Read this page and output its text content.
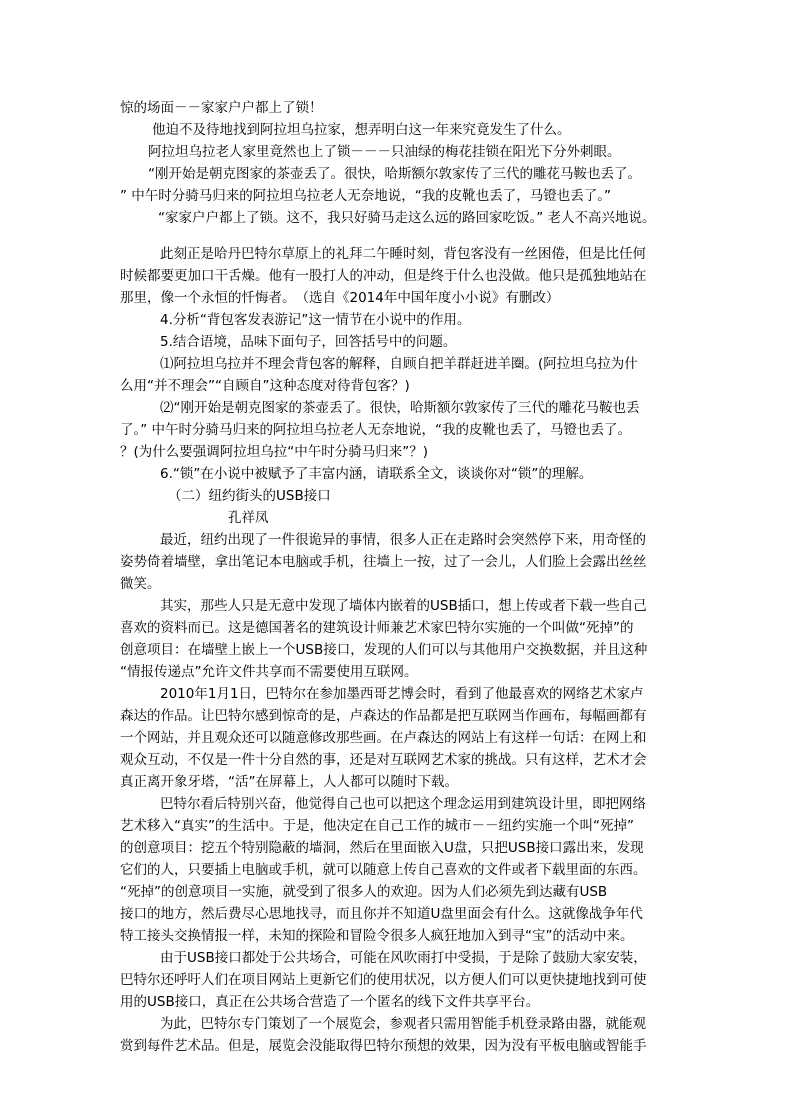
惊的场面－－家家户户都上了锁！
他迫不及待地找到阿拉坦乌拉家，想弄明白这一年来究竟发生了什么。
阿拉坦乌拉老人家里竟然也上了锁－－－只油绿的梅花挂锁在阳光下分外刺眼。
“刚开始是朝克图家的茶壶丢了。很快，哈斯额尔敦家传了三代的雕花马鞍也丢了。
” 中午时分骑马归来的阿拉坦乌拉老人无奈地说，“我的皮靴也丢了，马镫也丢了。”
“家家户户都上了锁。这不，我只好骑马走这么远的路回家吃饭。” 老人不高兴地说。
此刻正是哈丹巴特尔草原上的礼拜二午睡时刻，背包客没有一丝困倦，但是比任何
时候都要更加口干舌燥。他有一股打人的冲动，但是终于什么也没做。他只是孤独地站在
那里，像一个永恒的忏悔者。　（选自《2014年中国年度小小说》有删改）
4.分析“背包客发表游记”这一情节在小说中的作用。
5.结合语境，品味下面句子，回答括号中的问题。
⑴阿拉坦乌拉并不理会背包客的解释，自顾自把羊群赶进羊圈。(阿拉坦乌拉为什
么用“并不理会”“自顾自”这种态度对待背包客？)
⑵“刚开始是朝克图家的茶壶丢了。很快，哈斯额尔敦家传了三代的雕花马鞍也丢
了。” 中午时分骑马归来的阿拉坦乌拉老人无奈地说，“我的皮靴也丢了，马镫也丢了。
？(为什么要强调阿拉坦乌拉“中午时分骑马归来”？)
6.“锁”在小说中被赋予了丰富内涵，请联系全文，谈谈你对“锁”的理解。
（二）纽约街头的USB接口
孔祥凤
最近，纽约出现了一件很诡异的事情，很多人正在走路时会突然停下来，用奇怪的
姿势倚着墙壁，拿出笔记本电脑或手机，往墙上一按，过了一会儿，人们脸上会露出丝丝
微笑。
其实，那些人只是无意中发现了墙体内嵌着的USB插口，想上传或者下载一些自己
喜欢的资料而已。这是德国著名的建筑设计师兼艺术家巴特尔实施的一个叫做“死掉”的
创意项目：在墙壁上嵌上一个USB接口，发现的人们可以与其他用户交换数据，并且这种
“情报传递点”允许文件共享而不需要使用互联网。
2010年1月1日，巴特尔在参加墨西哥艺博会时，看到了他最喜欢的网络艺术家卢
森达的作品。让巴特尔感到惊奇的是，卢森达的作品都是把互联网当作画布，每幅画都有
一个网站，并且观众还可以随意修改那些画。在卢森达的网站上有这样一句话：在网上和
观众互动，不仅是一件十分自然的事，还是对互联网艺术家的挑战。只有这样，艺术才会
真正离开象牙塔，“活”在屏幕上，人人都可以随时下载。
巴特尔看后特别兴奋，他觉得自己也可以把这个理念运用到建筑设计里，即把网络
艺术移入“真实”的生活中。于是，他决定在自己工作的城市－－纽约实施一个叫“死掉”
的创意项目：挖五个特别隐蔽的墙洞，然后在里面嵌入U盘，只把USB接口露出来，发现
它们的人，只要插上电脑或手机，就可以随意上传自己喜欢的文件或者下载里面的东西。
“死掉”的创意项目一实施，就受到了很多人的欢迎。因为人们必须先到达藏有USB
接口的地方，然后费尽心思地找寻，而且你并不知道U盘里面会有什么。这就像战争年代
特工接头交换情报一样，未知的探险和冒险令很多人疯狂地加入到寻“宝”的活动中来。
由于USB接口都处于公共场合，可能在风吹雨打中受损，于是除了鼓励大家安装，
巴特尔还呼吁人们在项目网站上更新它们的使用状况，以方便人们可以更快捷地找到可使
用的USB接口，真正在公共场合营造了一个匿名的线下文件共享平台。
为此，巴特尔专门策划了一个展览会，参观者只需用智能手机登录路由器，就能观
赏到每件艺术品。但是，展览会没能取得巴特尔预想的效果，因为没有平板电脑或智能手
